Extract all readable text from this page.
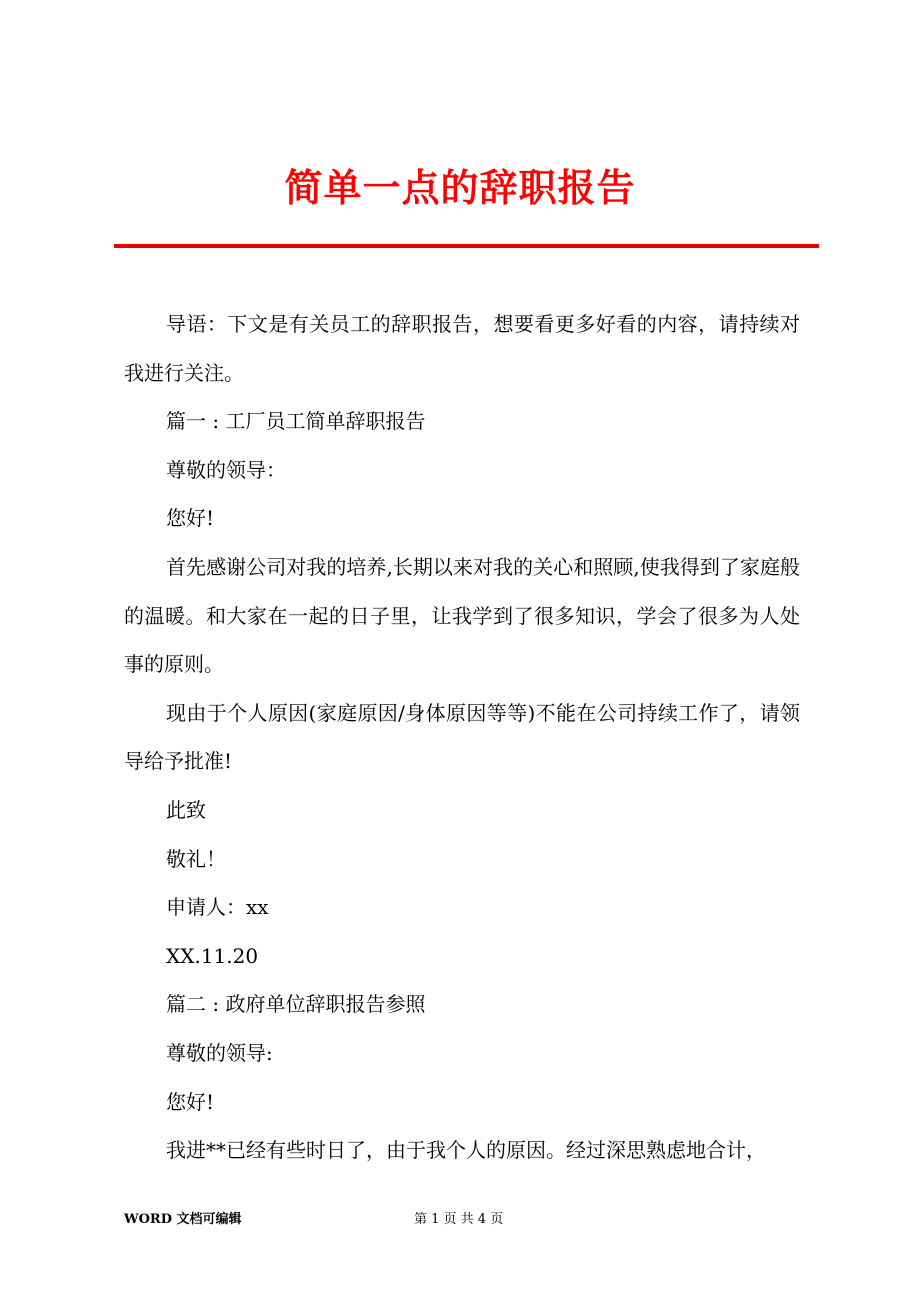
简单一点的辞职报告

导语：下文是有关员工的辞职报告，想要看更多好看的内容，请持续对我进行关注。

篇一 : 工厂员工简单辞职报告

尊敬的领导：

您好!

首先感谢公司对我的培养,长期以来对我的关心和照顾,使我得到了家庭般的温暖。和大家在一起的日子里，让我学到了很多知识，学会了很多为人处事的原则。

现由于个人原因(家庭原因/身体原因等等)不能在公司持续工作了，请领导给予批准!

此致

敬礼！

申请人：xx

XX.11.20

篇二 : 政府单位辞职报告参照

尊敬的领导:

您好!

我进**已经有些时日了，由于我个人的原因。经过深思熟虑地合计，

WORD 文档可编辑	第 1 页 共 4 页
